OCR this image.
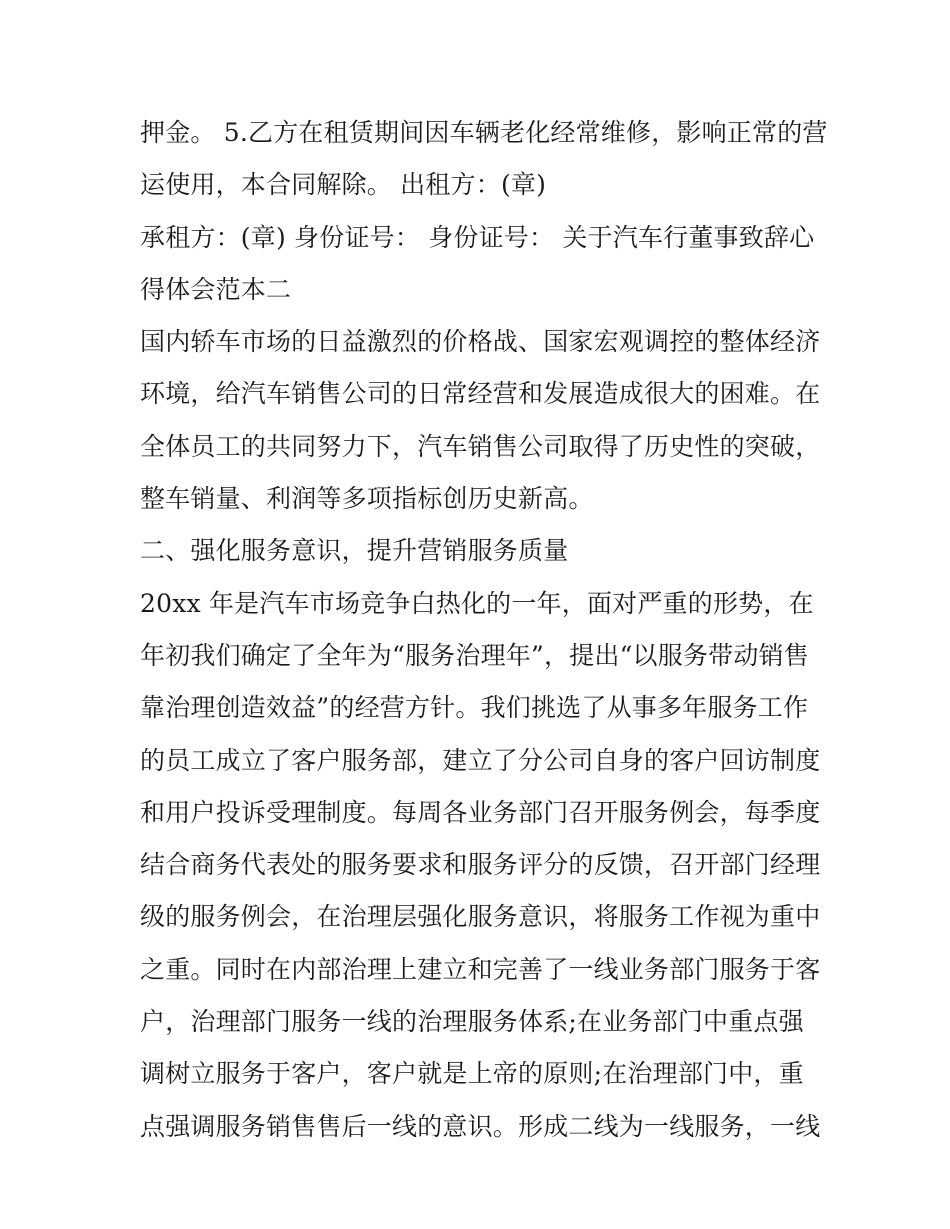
押金。 5.乙方在租赁期间因车辆老化经常维修，影响正常的营
运使用，本合同解除。 出租方：(章)
承租方：(章) 身份证号： 身份证号： 关于汽车行董事致辞心
得体会范本二
国内轿车市场的日益激烈的价格战、国家宏观调控的整体经济
环境，给汽车销售公司的日常经营和发展造成很大的困难。在
全体员工的共同努力下，汽车销售公司取得了历史性的突破，
整车销量、利润等多项指标创历史新高。
二、强化服务意识，提升营销服务质量
20xx 年是汽车市场竞争白热化的一年，面对严重的形势，在
年初我们确定了全年为“服务治理年”，提出“以服务带动销售
靠治理创造效益”的经营方针。我们挑选了从事多年服务工作
的员工成立了客户服务部，建立了分公司自身的客户回访制度
和用户投诉受理制度。每周各业务部门召开服务例会，每季度
结合商务代表处的服务要求和服务评分的反馈，召开部门经理
级的服务例会，在治理层强化服务意识，将服务工作视为重中
之重。同时在内部治理上建立和完善了一线业务部门服务于客
户，治理部门服务一线的治理服务体系;在业务部门中重点强
调树立服务于客户，客户就是上帝的原则;在治理部门中，重
点强调服务销售售后一线的意识。形成二线为一线服务，一线
